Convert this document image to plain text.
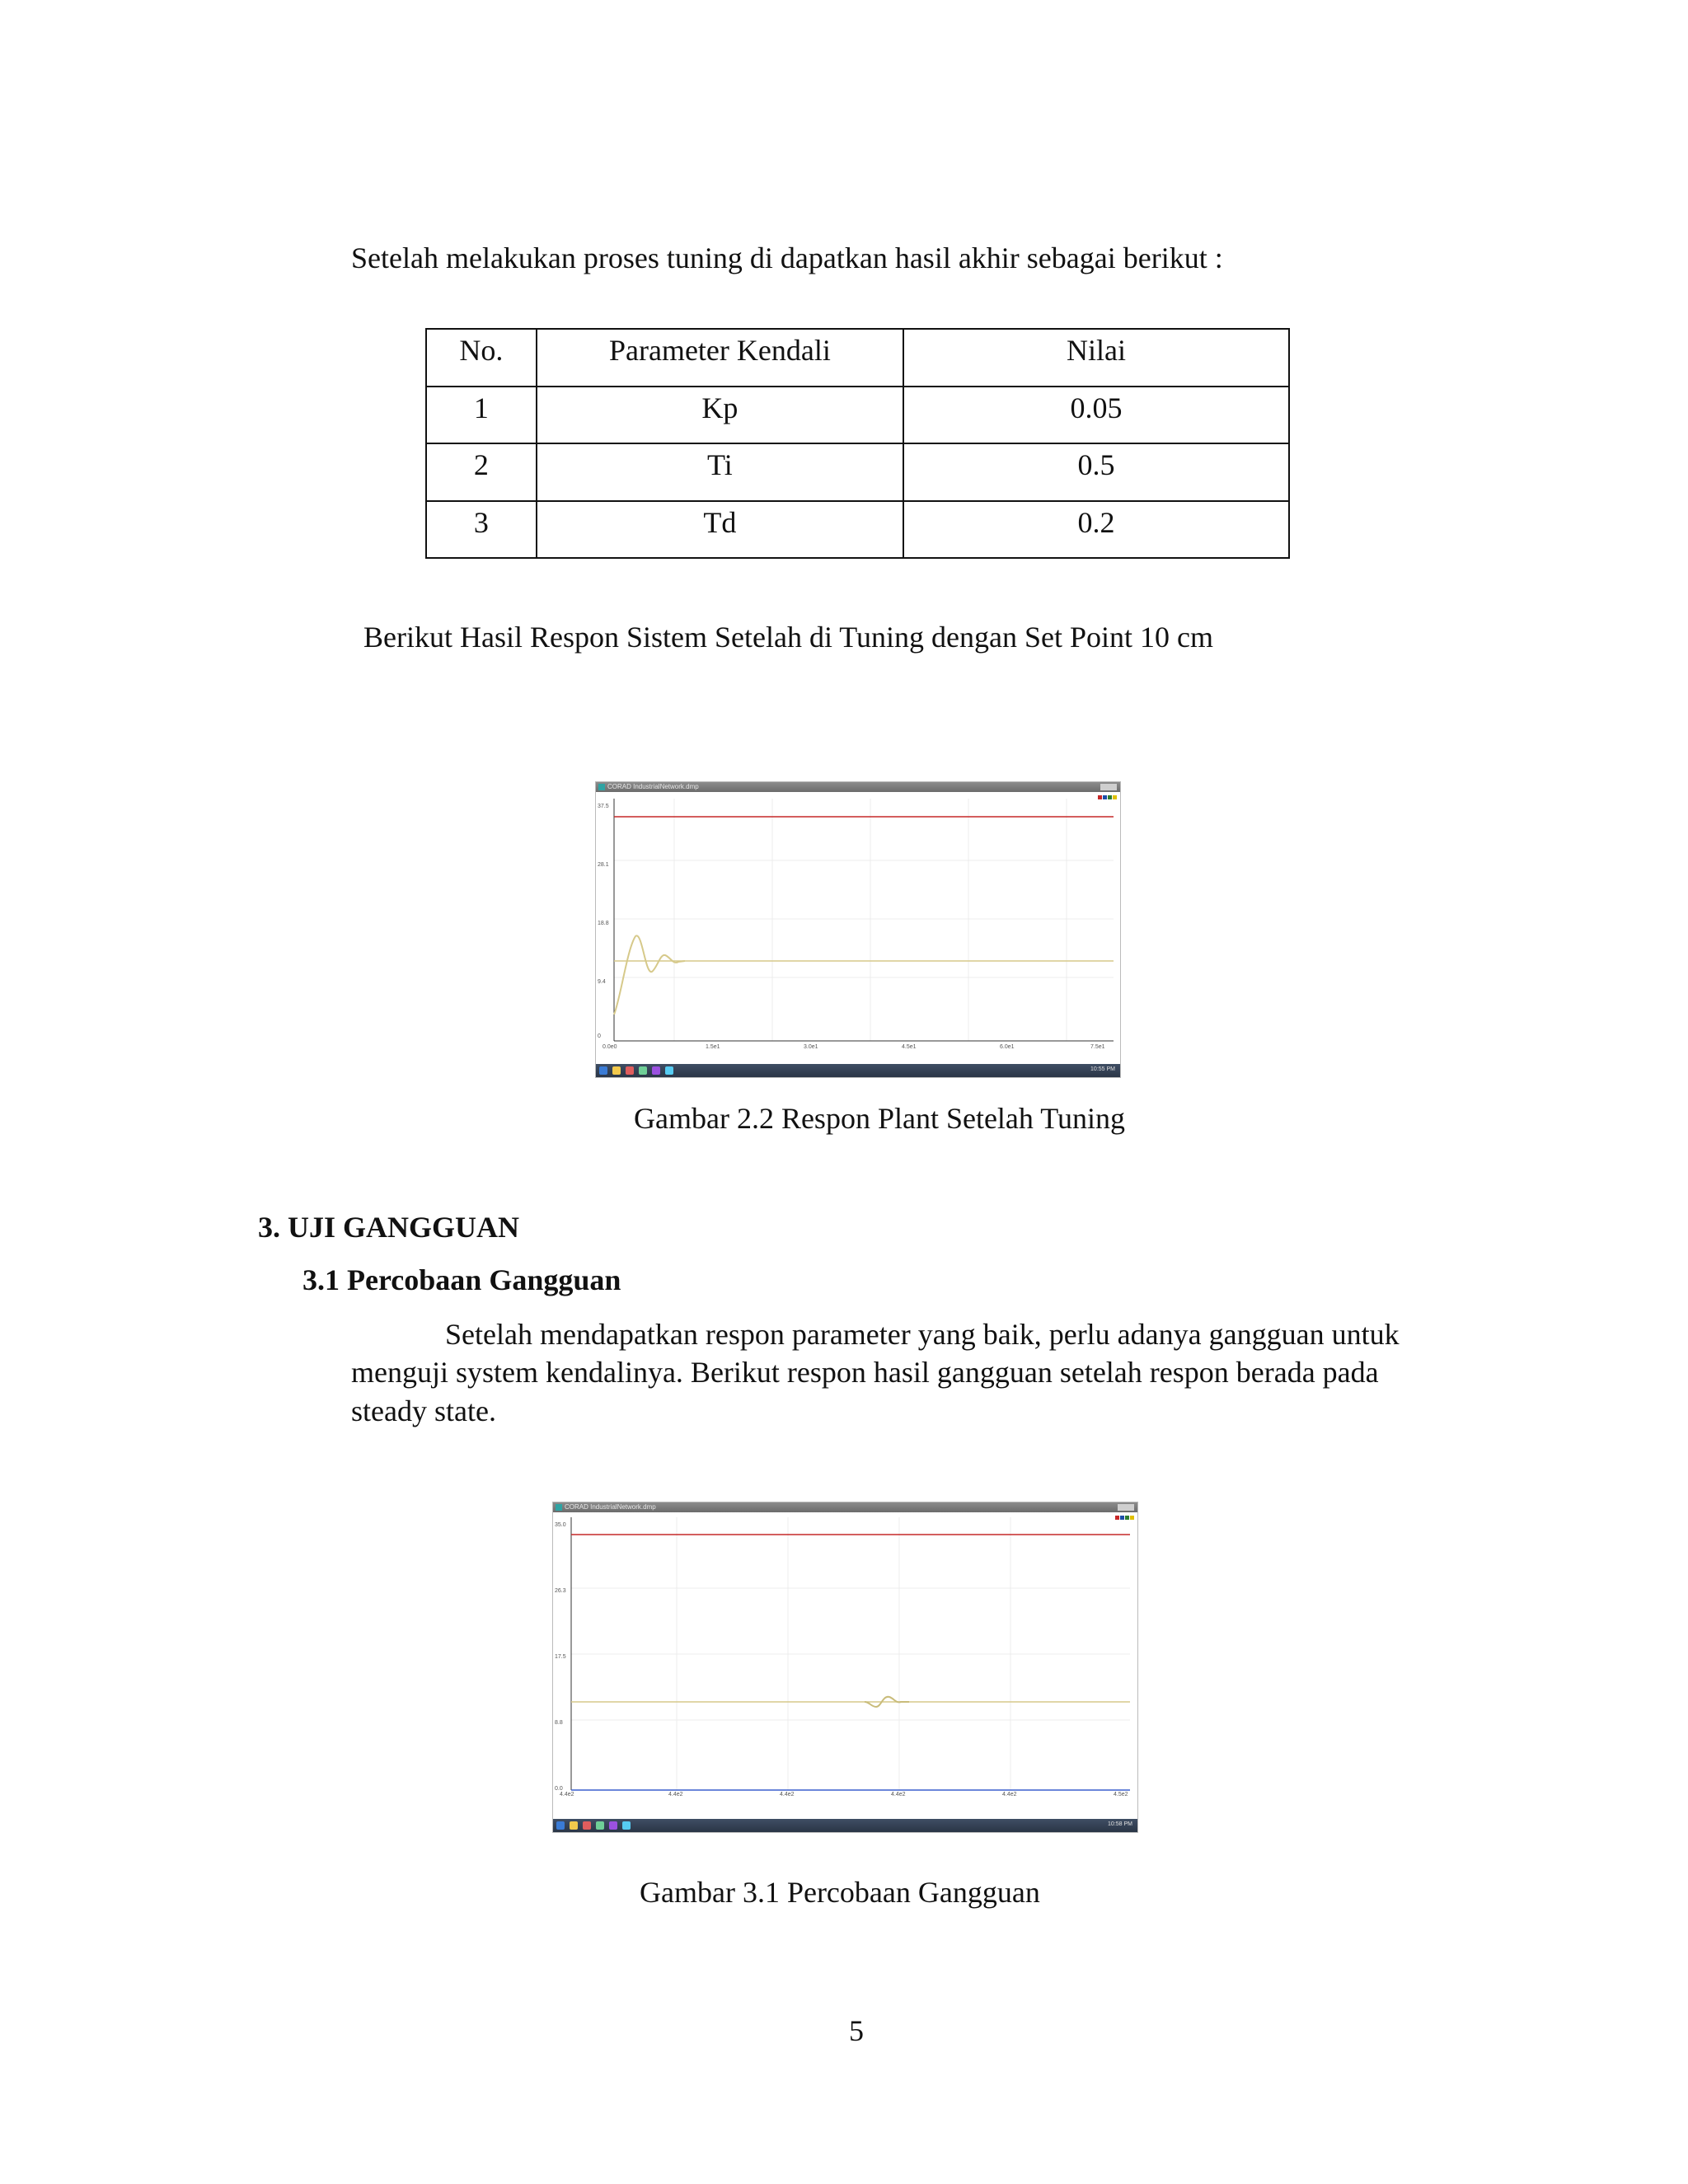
Setelah melakukan proses tuning di dapatkan hasil akhir sebagai berikut :
No.	Parameter Kendali	Nilai
1	Kp	0.05
2	Ti	0.5
3	Td	0.2
Berikut Hasil Respon Sistem Setelah di Tuning dengan Set Point 10 cm
CORAD IndustrialNetwork.dmp
37.5
28.1
18.8
9.4
0
0.0e0	1.5e1	3.0e1	4.5e1	6.0e1	7.5e1
10:55 PM
Gambar 2.2 Respon Plant Setelah Tuning
3. UJI GANGGUAN
3.1 Percobaan Gangguan
Setelah mendapatkan respon parameter yang baik, perlu adanya gangguan untuk
menguji system kendalinya. Berikut respon hasil gangguan setelah respon berada pada
steady state.
CORAD IndustrialNetwork.dmp
35.0
26.3
17.5
8.8
0.0
4.4e2	4.4e2	4.4e2	4.4e2	4.4e2	4.5e2
10:58 PM
Gambar 3.1 Percobaan Gangguan
5
